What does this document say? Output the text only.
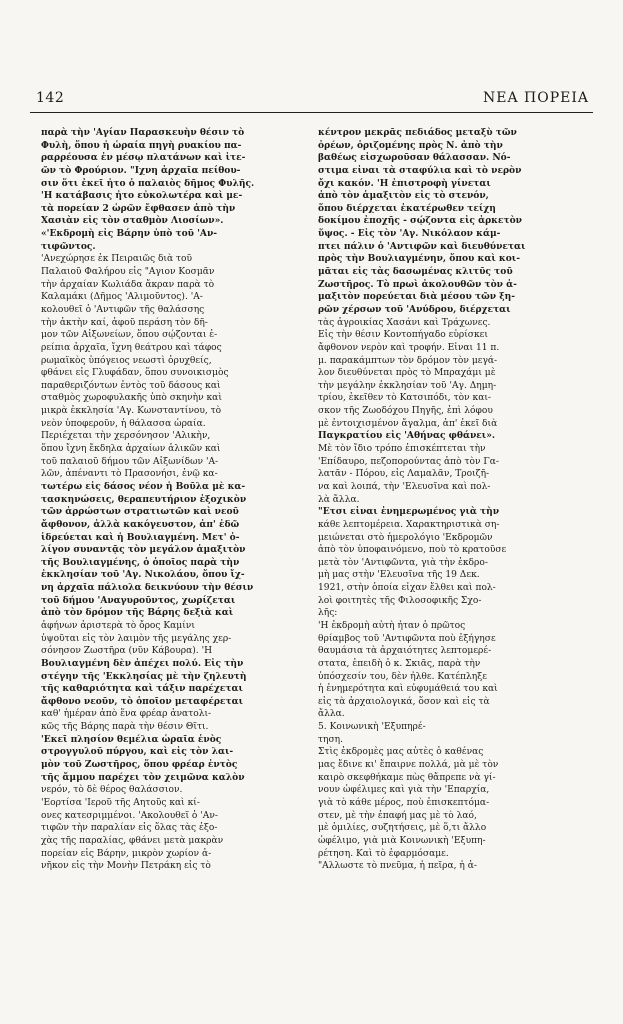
142	ΝΕΑ ΠΟΡΕΙΑ
παρὰ τὴν 'Αγίαν Παρασκευὴν θέσιν τὸ
Φυλὴ, ὅπου ἡ ὡραία πηγὴ ρυακίου πα-
ραρρέουσα ἐν μέσῳ πλατάνων καὶ ἰτε-
ῶν τὸ Φρούριον. "Ιχνη ἀρχαῖα πείθου-
σιν ὅτι ἐκεῖ ἦτο ὁ παλαιὸς δῆμος Φυλῆς.
'Η κατάβασις ἦτο εὐκολωτέρα καὶ με-
τὰ πορείαν 2 ὡρῶν ἔφθασεν ἀπὸ τὴν
Χασιὰν εἰς τὸν σταθμὸν Λιοσίων».
«'Εκδρομὴ εἰς Βάρην ὑπὸ τοῦ 'Αν-
τιφῶντος.
'Ανεχώρησε ἐκ Πειραιῶς διὰ τοῦ
Παλαιοῦ Φαλήρου εἰς "Αγιον Κοσμᾶν
τὴν ἀρχαίαν Κωλιάδα ἄκραν παρὰ τὸ
Καλαμάκι (Δῆμος 'Αλιμοῦντος). 'Α-
κολουθεῖ ὁ 'Αντιφῶν τῆς θαλάσσης
τὴν ἀκτὴν καί, ἀφοῦ περάση τὸν δῆ-
μον τῶν Αἰξωνείων, ὅπου σῴζονται ἐ-
ρείπια ἀρχαῖα, ἴχνη θεάτρου καὶ τάφος
ρωμαϊκὸς ὑπόγειος νεωστὶ ὀρυχθείς,
φθάνει εἰς Γλυφάδαν, ὅπου συνοικισμὸς
παραθεριζόντων ἐντὸς τοῦ δάσους καὶ
σταθμὸς χωροφυλακῆς ὑπὸ σκηνὴν καὶ
μικρὰ ἐκκλησία 'Αγ. Κωνσταντίνου, τὸ
νεὸν ὑποφεροῦν, ἡ θάλασσα ὡραία.
Περιέχεται τὴν χερσόνησον 'Αλικὴν,
ὅπου ἴχνη ἔκδηλα ἀρχαίων ἁλικῶν καὶ
τοῦ παλαιοῦ δήμου τῶν Αἰξωνίδων 'Α-
λῶν, ἀπέναντι τὸ Πρασονήσι, ἐνῷ κα-
τωτέρω εἰς δάσος νέον ἡ Βοῦλα μὲ κα-
τασκηνώσεις, θεραπευτήριον ἐξοχικὸν
τῶν ἀρρώστων στρατιωτῶν καὶ νεοῦ
ἄφθονον, ἀλλὰ κακόγευστον, ἀπ' ἐδῶ
ἱδρεύεται καὶ ἡ Βουλιαγμένη. Μετ' ὀ-
λίγον συναντᾷς τὸν μεγάλον ἁμαξιτὸν
τῆς Βουλιαγμένης, ὁ ὁποῖος παρὰ τὴν
ἐκκλησίαν τοῦ 'Αγ. Νικολάου, ὅπου ἴχ-
νη ἀρχαῖα πάλιολα δεικνύουν τὴν θέσιν
τοῦ δήμου 'Αναγυροῦντος, χωρίζεται
ἀπὸ τὸν δρόμον τῆς Βάρης δεξιὰ καὶ
ἀφήνων ἀριστερὰ τὸ ὄρος Καμίνι
ὑψοῦται εἰς τὸν λαιμὸν τῆς μεγάλης χερ-
σόνησον Ζωστῆρα (νῦν Κάβουρα). 'Η
Βουλιαγμένη δὲν ἀπέχει πολύ. Εἰς τὴν
στέγην τῆς 'Εκκλησίας μὲ τὴν ζηλευτὴ
τῆς καθαριότητα καὶ τάξιν παρέχεται
ἄφθονο νεοῦν, τὸ ὁποῖον μεταφέρεται
καθ' ἡμέραν ἀπὸ ἕνα φρέαρ ἀνατολι-
κῶς τῆς Βάρης παρὰ τὴν θέσιν Θῖτι.
'Εκεῖ πλησίον θεμέλια ὡραῖα ἑνὸς
στρογγυλοῦ πύργου, καὶ εἰς τὸν λαι-
μὸν τοῦ Ζωστῆρος, ὅπου φρέαρ ἐντὸς
τῆς ἄμμου παρέχει τὸν χειμῶνα καλὸν
νερόν, τὸ δὲ θέρος θαλάσσιον.
'Εορτίσα 'Ιεροῦ τῆς Αητοῦς καὶ κί-
ονες κατεσριμμένοι. 'Ακολουθεῖ ὁ 'Αν-
τιφῶν τὴν παραλίαν εἰς ὅλας τὰς ἐξο-
χὰς τῆς παραλίας, φθάνει μετὰ μακρὰν
πορείαν εἰς Βάρην, μικρὸν χωρίον ἀ-
νῆκον εἰς τὴν Μονὴν Πετράκη εἰς τὸ
κέντρον μεκρᾶς πεδιάδος μεταξὺ τῶν
ὀρέων, ὁριζομένης πρὸς Ν. ἀπὸ τὴν
βαθέως εἰσχωροῦσαν θάλασσαν. Νό-
στιμα εἶναι τὰ σταφύλια καὶ τὸ νερὸν
ὄχι κακόν. 'Η ἐπιστροφὴ γίνεται
ἀπὸ τὸν ἁμαξιτὸν εἰς τὸ στενόν,
ὅπου διέρχεται ἑκατέρωθεν τείχη
δοκίμου ἐποχῆς - σῴζοντα εἰς ἀρκετὸν
ὕψος. - Εἰς τὸν 'Αγ. Νικόλαον κάμ-
πτει πάλιν ὁ 'Αντιφῶν καὶ διευθύνεται
πρὸς τὴν Βουλιαγμένην, ὅπου καὶ κοι-
μᾶται εἰς τὰς δασωμένας κλιτῦς τοῦ
Ζωστῆρος. Τὸ πρωὶ ἀκολουθῶν τὸν ἁ-
μαξιτὸν πορεύεται διὰ μέσου τῶν ξη-
ρῶν χέρσων τοῦ 'Ανύδρου, διέρχεται
τὰς ἀγροικίας Χασάνι καὶ Τράχωνες.
Εἰς τὴν θέσιν Κοντοπήγαδο εὑρίσκει
ἄφθονον νερὸν καὶ τροφήν. Εἶναι 11 π.
μ. παρακάμπτων τὸν δρόμον τὸν μεγά-
λον διευθύνεται πρὸς τὸ Μπραχάμι μὲ
τὴν μεγάλην ἐκκλησίαν τοῦ 'Αγ. Δημη-
τρίου, ἐκεῖθεν τὸ Κατσιπόδι, τὸν και-
σκον τῆς Ζωοδόχου Πηγῆς, ἐπὶ λόφου
μὲ ἐντοιχισμένον ἄγαλμα, ἀπ' ἐκεῖ διὰ
Παγκρατίου εἰς 'Αθήνας φθάνει».
Μὲ τὸν ἴδιο τρόπο ἐπισκέπτεται τὴν
'Επίδαυρο, πεζοπορούντας ἀπὸ τὸν Γα-
λατᾶν - Πόρου, εἰς Λαμαλᾶν, Τροιζῆ-
να καὶ λοιπά, τὴν 'Ελευσῖνα καὶ πολ-
λὰ ἄλλα.
"Ετσι εἶναι ἐνημερωμένος γιὰ τὴν
κάθε λεπτομέρεια. Χαρακτηριστικὰ ση-
μειώνεται στὸ ἡμερολόγιο 'Εκδρομῶν
ἀπὸ τὸν ὑποφαινόμενο, ποὺ τὸ κρατοῦσε
μετὰ τὸν 'Αντιφῶντα, γιὰ τὴν ἐκδρο-
μὴ μας στὴν 'Ελευσῖνα τῆς 19 Δεκ.
1921, στὴν ὁποία εἶχαν ἔλθει καὶ πολ-
λοὶ φοιτητὲς τῆς Φιλοσοφικῆς Σχο-
λῆς:
'Η ἐκδρομὴ αὐτὴ ἦταν ὁ πρῶτος
θρίαμβος τοῦ 'Αντιφῶντα ποὺ ἐξήγησε
θαυμάσια τὰ ἀρχαιότητες λεπτομερέ-
στατα, ἐπειδὴ ὁ κ. Σκιᾶς, παρὰ τὴν
ὑπόσχεσίν του, δὲν ἦλθε. Κατέπληξε
ἡ ἐνημερότητα καὶ εὐφυμάθειά του καὶ
εἰς τὰ ἀρχαιολογικά, ὅσον καὶ εἰς τὰ
ἄλλα.
5. Κοινωνικὴ 'Εξυπηρέ-
τηση.
Στὶς ἐκδρομὲς μας αὐτὲς ὁ καθένας
μας ἔδινε κι' ἔπαιρνε πολλά, μὰ μὲ τὸν
καιρὸ σκεφθήκαμε πὼς θἄπρεπε νὰ γί-
νουν ὠφέλιμες καὶ γιὰ τὴν 'Επαρχία,
γιὰ τὸ κάθε μέρος, ποὺ ἐπισκεπτόμα-
στεν, μὲ τὴν ἐπαφή μας μὲ τὸ λαό,
μὲ ὁμιλίες, συζητήσεις, μὲ ὅ,τι ἄλλο
ὠφέλιμο, γιὰ μιὰ Κοινωνικὴ 'Εξυπη-
ρέτηση. Καὶ τὸ ἐφαρμόσαμε.
"Αλλωστε τὸ πνεῦμα, ἡ πεῖρα, ἡ ἀ-
